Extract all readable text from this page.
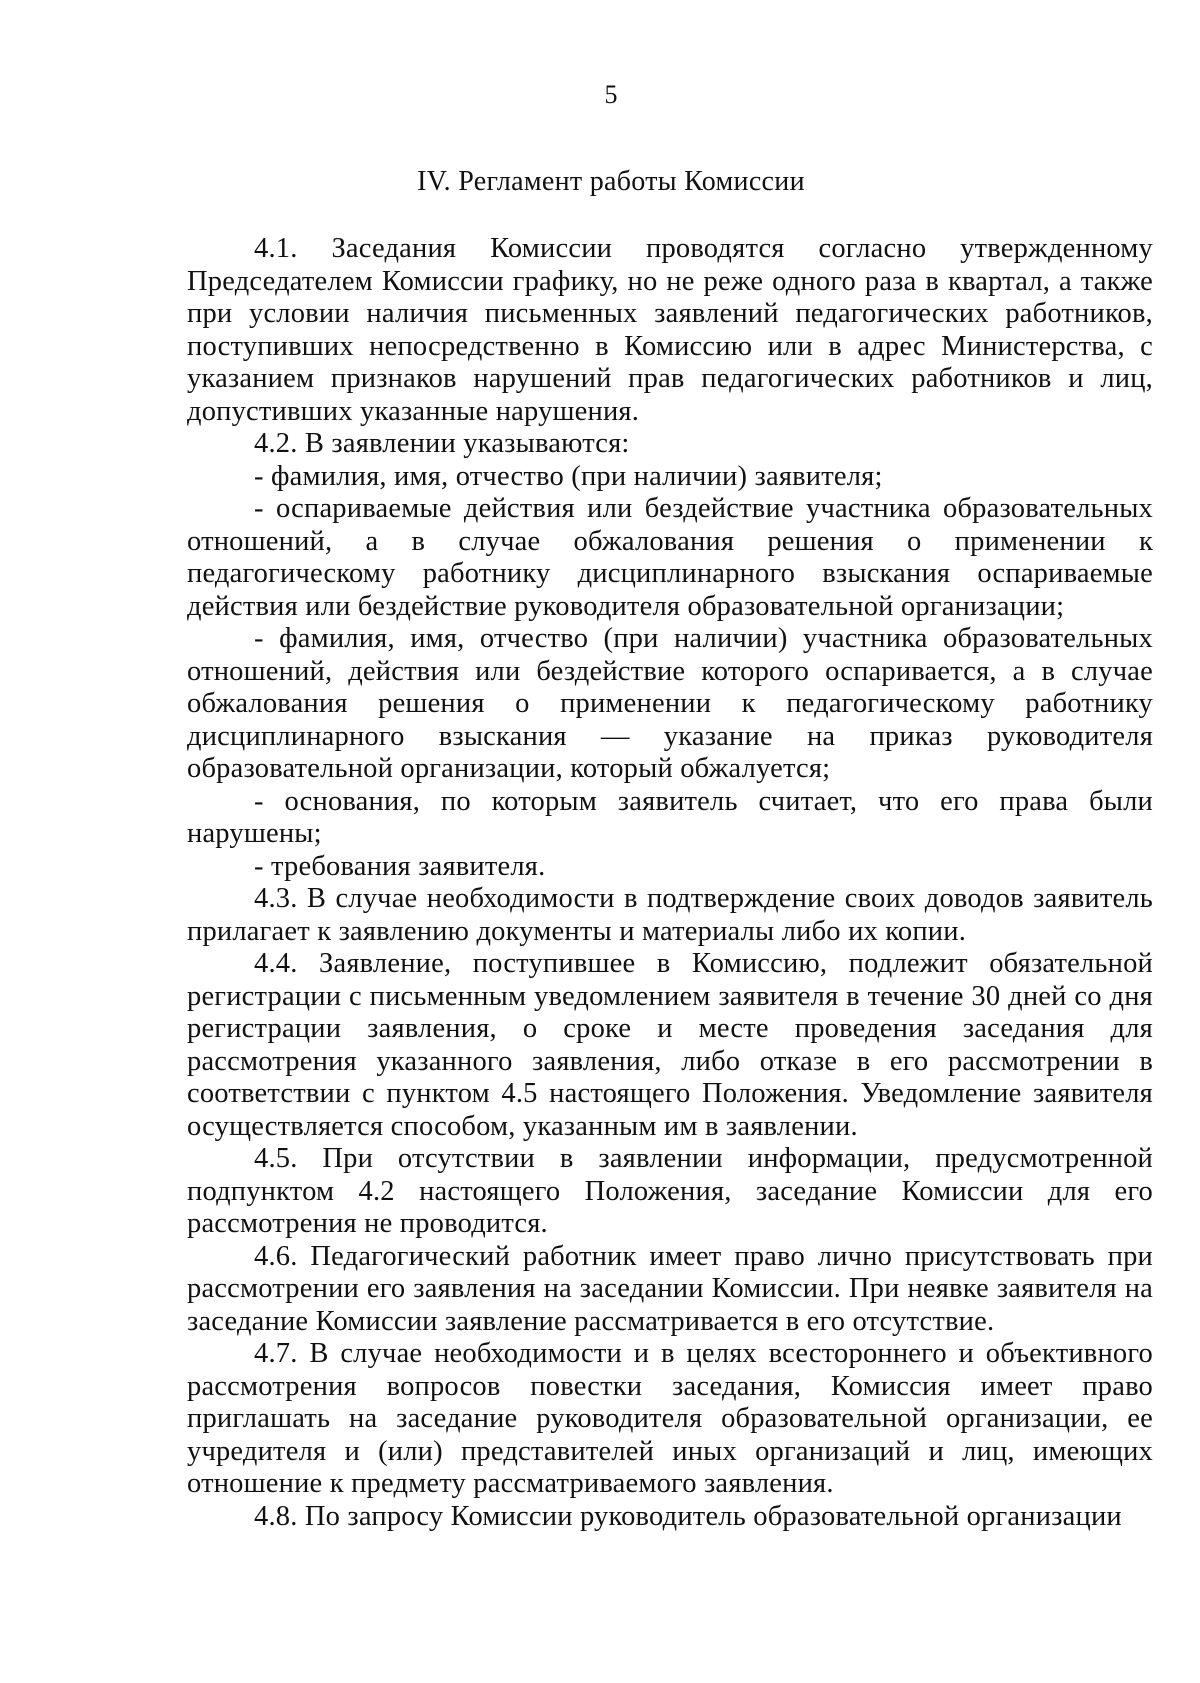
5
IV. Регламент работы Комиссии

4.1. Заседания Комиссии проводятся согласно утвержденному Председателем Комиссии графику, но не реже одного раза в квартал, а также при условии наличия письменных заявлений педагогических работников, поступивших непосредственно в Комиссию или в адрес Министерства, с указанием признаков нарушений прав педагогических работников и лиц, допустивших указанные нарушения.

4.2. В заявлении указываются:

- фамилия, имя, отчество (при наличии) заявителя;

- оспариваемые действия или бездействие участника образовательных отношений, а в случае обжалования решения о применении к педагогическому работнику дисциплинарного взыскания оспариваемые действия или бездействие руководителя образовательной организации;

- фамилия, имя, отчество (при наличии) участника образовательных отношений, действия или бездействие которого оспаривается, а в случае обжалования решения о применении к педагогическому работнику дисциплинарного взыскания — указание на приказ руководителя образовательной организации, который обжалуется;

- основания, по которым заявитель считает, что его права были нарушены;

- требования заявителя.

4.3. В случае необходимости в подтверждение своих доводов заявитель прилагает к заявлению документы и материалы либо их копии.

4.4. Заявление, поступившее в Комиссию, подлежит обязательной регистрации с письменным уведомлением заявителя в течение 30 дней со дня регистрации заявления, о сроке и месте проведения заседания для рассмотрения указанного заявления, либо отказе в его рассмотрении в соответствии с пунктом 4.5 настоящего Положения. Уведомление заявителя осуществляется способом, указанным им в заявлении.

4.5. При отсутствии в заявлении информации, предусмотренной подпунктом 4.2 настоящего Положения, заседание Комиссии для его рассмотрения не проводится.

4.6. Педагогический работник имеет право лично присутствовать при рассмотрении его заявления на заседании Комиссии. При неявке заявителя на заседание Комиссии заявление рассматривается в его отсутствие.

4.7. В случае необходимости и в целях всестороннего и объективного рассмотрения вопросов повестки заседания, Комиссия имеет право приглашать на заседание руководителя образовательной организации, ее учредителя и (или) представителей иных организаций и лиц, имеющих отношение к предмету рассматриваемого заявления.

4.8. По запросу Комиссии руководитель образовательной организации
